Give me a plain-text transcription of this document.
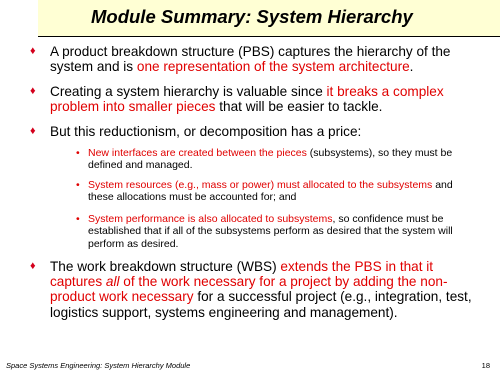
Module Summary: System Hierarchy
♦ A product breakdown structure (PBS) captures the hierarchy of the system and is one representation of the system architecture.
♦ Creating a system hierarchy is valuable since it breaks a complex problem into smaller pieces that will be easier to tackle.
♦ But this reductionism, or decomposition has a price:
• New interfaces are created between the pieces (subsystems), so they must be defined and managed.
• System resources (e.g., mass or power) must allocated to the subsystems and these allocations must be accounted for; and
• System performance is also allocated to subsystems, so confidence must be established that if all of the subsystems perform as desired that the system will perform as desired.
♦ The work breakdown structure (WBS) extends the PBS in that it captures all of the work necessary for a project by adding the non-product work necessary for a successful project (e.g., integration, test, logistics support, systems engineering and management).
Space Systems Engineering: System Hierarchy Module	18
